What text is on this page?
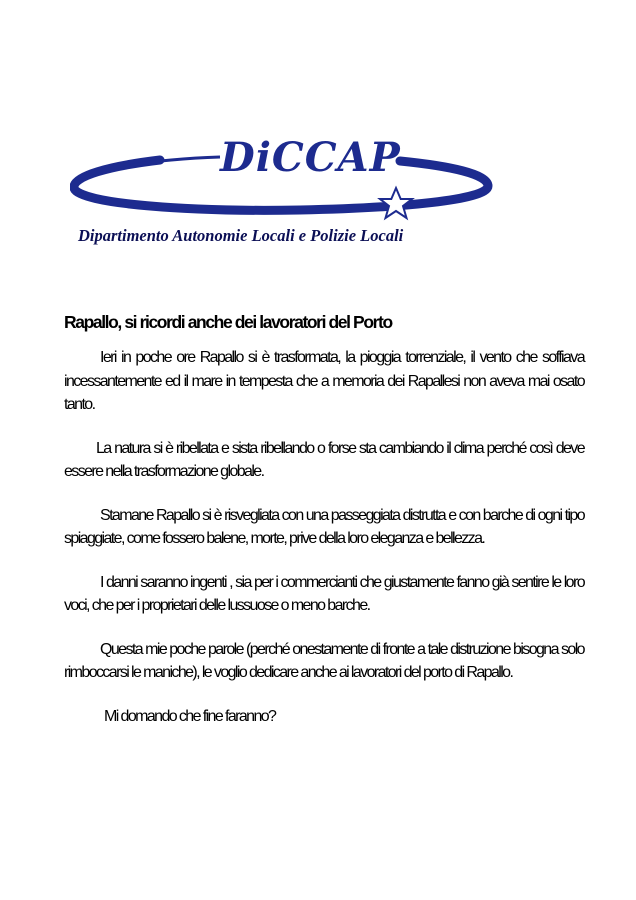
DiCCAP
Dipartimento Autonomie Locali e Polizie Locali
Rapallo, si ricordi anche dei lavoratori del Porto

Ieri in poche ore Rapallo si è trasformata, la pioggia torrenziale, il vento che soffiava incessantemente ed il mare in tempesta che a memoria dei Rapallesi non aveva mai osato tanto.

La natura si è ribellata e sista ribellando o forse sta cambiando il clima perché così deve essere nella trasformazione globale.

Stamane Rapallo si è risvegliata con una passeggiata distrutta e con barche di ogni tipo spiaggiate, come fossero balene, morte, prive della loro eleganza e bellezza.

I danni saranno ingenti , sia per i commercianti che giustamente fanno già sentire le loro voci, che per i proprietari delle lussuose o meno barche.

Questa mie poche parole (perché onestamente di fronte a tale distruzione bisogna solo rimboccarsi le maniche), le voglio dedicare anche ai lavoratori del porto di Rapallo.

Mi domando che fine faranno?
